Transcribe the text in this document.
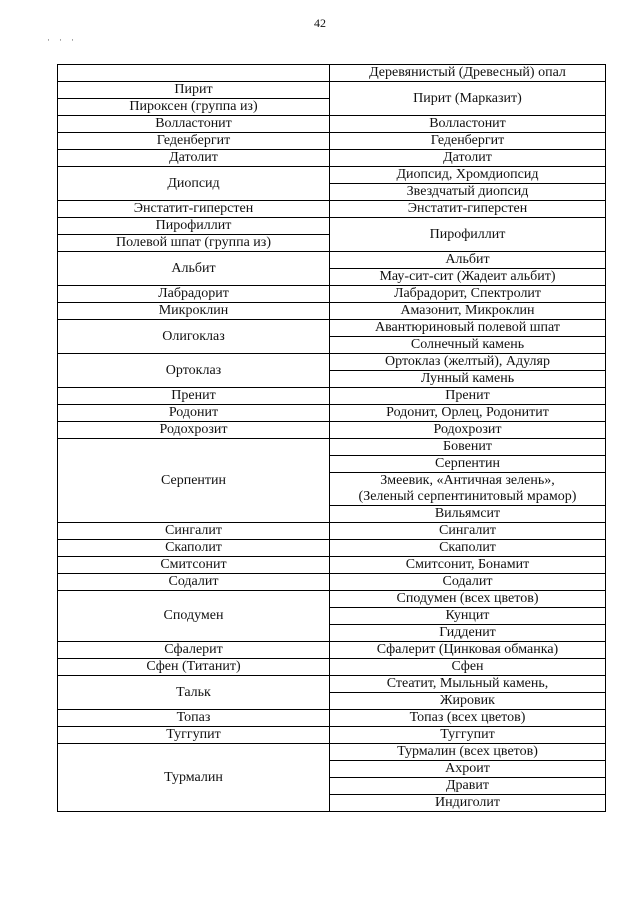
42
· · ·
	Деревянистый (Древесный) опал
Пирит	Пирит (Марказит)
Пироксен (группа из)	
Волластонит	Волластонит
Геденбергит	Геденбергит
Датолит	Датолит
Диопсид	Диопсид, Хромдиопсид
	Звездчатый диопсид
Энстатит-гиперстен	Энстатит-гиперстен
Пирофиллит	Пирофиллит
Полевой шпат (группа из)	
Альбит	Альбит
	Мау-сит-сит (Жадеит альбит)
Лабрадорит	Лабрадорит, Спектролит
Микроклин	Амазонит, Микроклин
Олигоклаз	Авантюриновый полевой шпат
	Солнечный камень
Ортоклаз	Ортоклаз (желтый), Адуляр
	Лунный камень
Пренит	Пренит
Родонит	Родонит, Орлец, Родонитит
Родохрозит	Родохрозит
Серпентин	Бовенит
	Серпентин
	Змеевик, «Античная зелень»,
	(Зеленый серпентинитовый мрамор)
	Вильямсит
Сингалит	Сингалит
Скаполит	Скаполит
Смитсонит	Смитсонит, Бонамит
Содалит	Содалит
Сподумен	Сподумен (всех цветов)
	Кунцит
	Гидденит
Сфалерит	Сфалерит (Цинковая обманка)
Сфен (Титанит)	Сфен
Тальк	Стеатит, Мыльный камень,
	Жировик
Топаз	Топаз (всех цветов)
Туггупит	Туггупит
Турмалин	Турмалин (всех цветов)
	Ахроит
	Дравит
	Индиголит
